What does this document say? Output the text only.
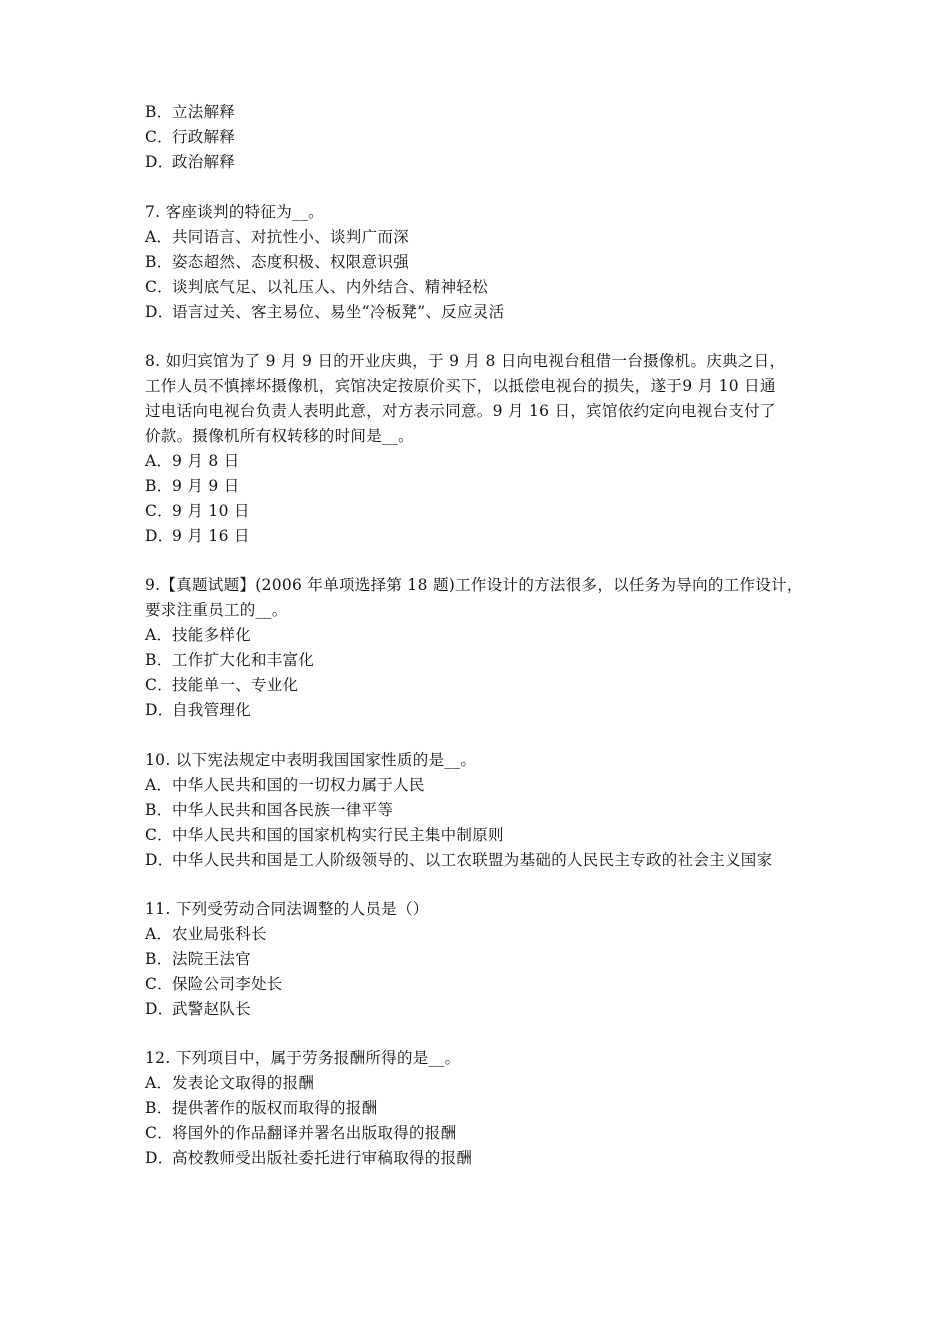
B．立法解释
C．行政解释
D．政治解释
7. 客座谈判的特征为__。
A．共同语言、对抗性小、谈判广而深
B．姿态超然、态度积极、权限意识强
C．谈判底气足、以礼压人、内外结合、精神轻松
D．语言过关、客主易位、易坐“冷板凳”、反应灵活
8. 如归宾馆为了 9 月 9 日的开业庆典，于 9 月 8 日向电视台租借一台摄像机。庆典之日，
工作人员不慎摔坏摄像机，宾馆决定按原价买下，以抵偿电视台的损失，遂于9 月 10 日通
过电话向电视台负责人表明此意，对方表示同意。9 月 16 日，宾馆依约定向电视台支付了
价款。摄像机所有权转移的时间是__。
A．9 月 8 日
B．9 月 9 日
C．9 月 10 日
D．9 月 16 日
9.【真题试题】(2006 年单项选择第 18 题)工作设计的方法很多，以任务为导向的工作设计，
要求注重员工的__。
A．技能多样化
B．工作扩大化和丰富化
C．技能单一、专业化
D．自我管理化
10. 以下宪法规定中表明我国国家性质的是__。
A．中华人民共和国的一切权力属于人民
B．中华人民共和国各民族一律平等
C．中华人民共和国的国家机构实行民主集中制原则
D．中华人民共和国是工人阶级领导的、以工农联盟为基础的人民民主专政的社会主义国家
11. 下列受劳动合同法调整的人员是（）
A．农业局张科长
B．法院王法官
C．保险公司李处长
D．武警赵队长
12. 下列项目中，属于劳务报酬所得的是__。
A．发表论文取得的报酬
B．提供著作的版权而取得的报酬
C．将国外的作品翻译并署名出版取得的报酬
D．高校教师受出版社委托进行审稿取得的报酬
